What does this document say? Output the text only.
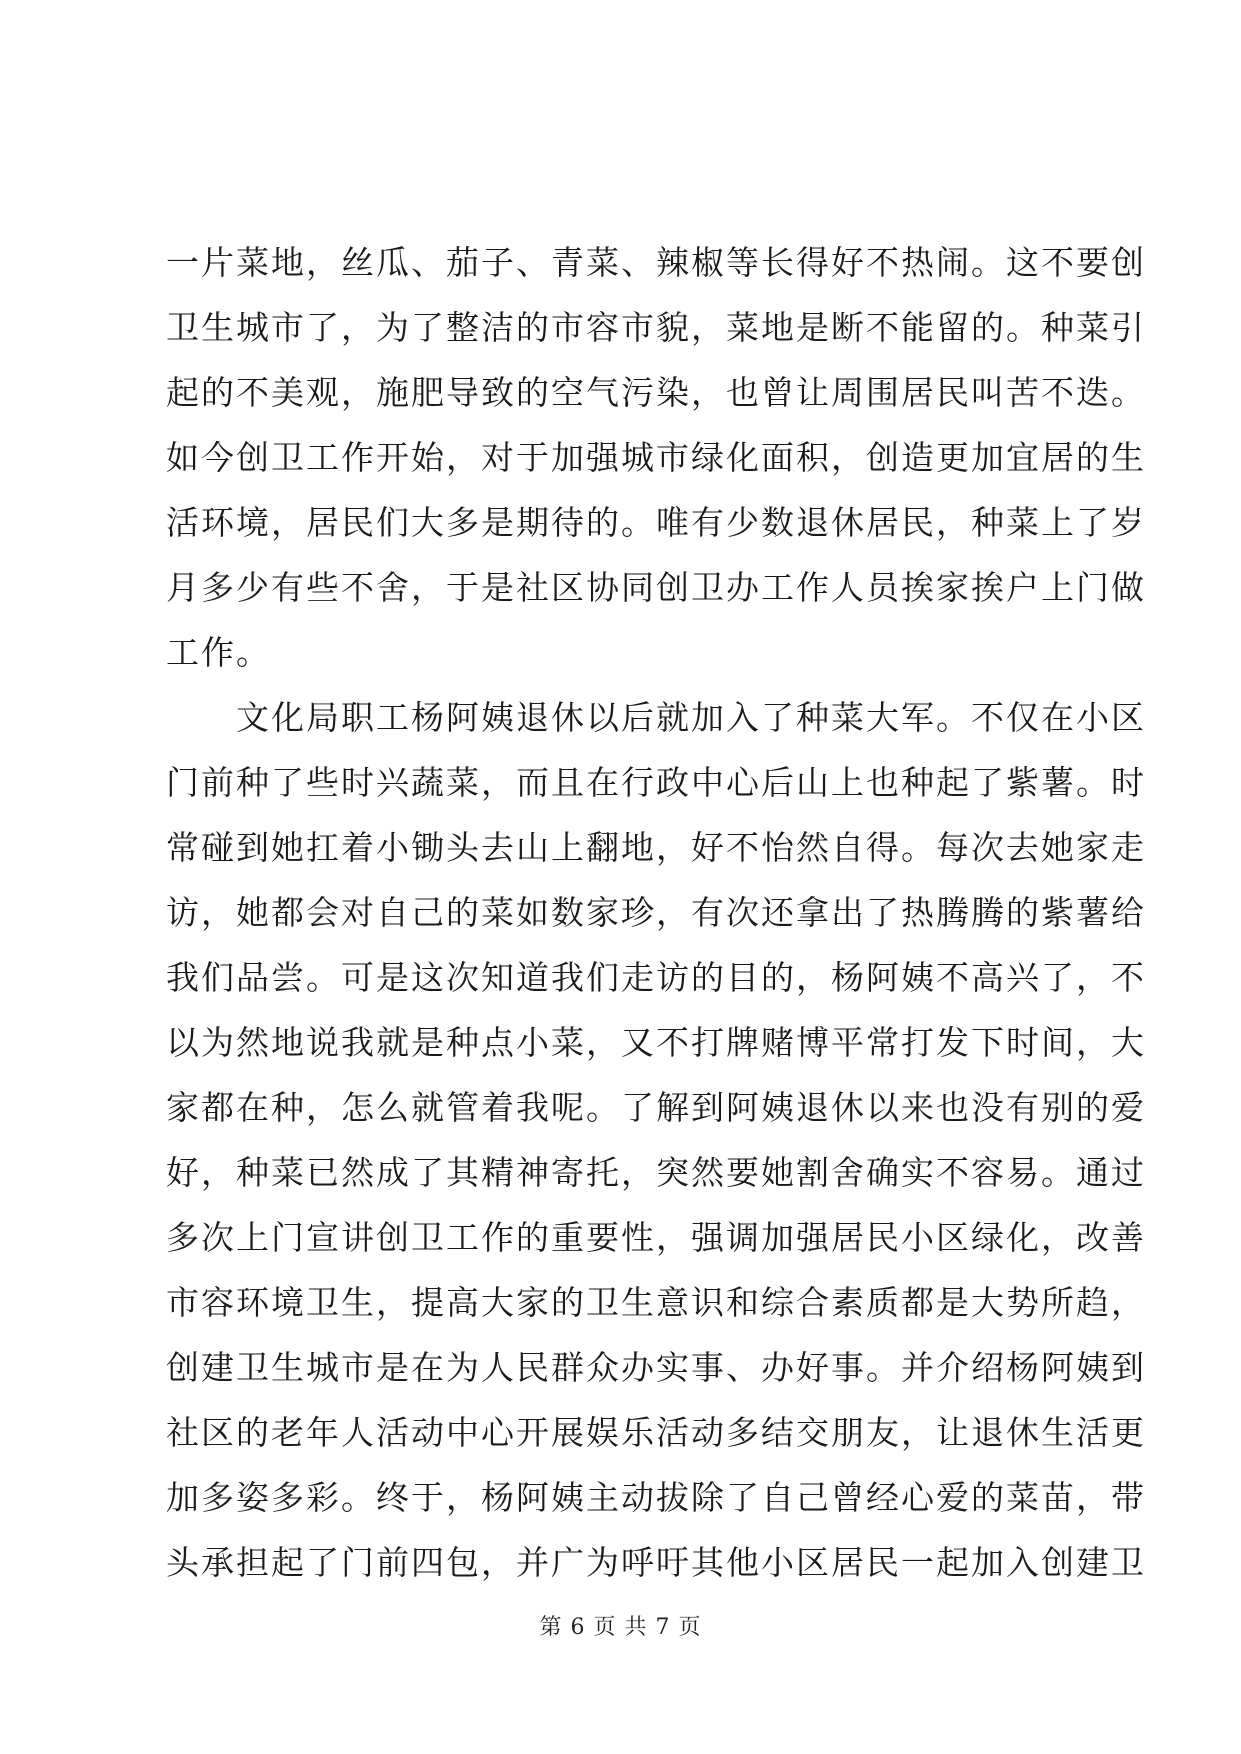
一片菜地，丝瓜、茄子、青菜、辣椒等长得好不热闹。这不要创
卫生城市了，为了整洁的市容市貌，菜地是断不能留的。种菜引
起的不美观，施肥导致的空气污染，也曾让周围居民叫苦不迭。
如今创卫工作开始，对于加强城市绿化面积，创造更加宜居的生
活环境，居民们大多是期待的。唯有少数退休居民，种菜上了岁
月多少有些不舍，于是社区协同创卫办工作人员挨家挨户上门做
工作。
文化局职工杨阿姨退休以后就加入了种菜大军。不仅在小区
门前种了些时兴蔬菜，而且在行政中心后山上也种起了紫薯。时
常碰到她扛着小锄头去山上翻地，好不怡然自得。每次去她家走
访，她都会对自己的菜如数家珍，有次还拿出了热腾腾的紫薯给
我们品尝。可是这次知道我们走访的目的，杨阿姨不高兴了，不
以为然地说我就是种点小菜，又不打牌赌博平常打发下时间，大
家都在种，怎么就管着我呢。了解到阿姨退休以来也没有别的爱
好，种菜已然成了其精神寄托，突然要她割舍确实不容易。通过
多次上门宣讲创卫工作的重要性，强调加强居民小区绿化，改善
市容环境卫生，提高大家的卫生意识和综合素质都是大势所趋，
创建卫生城市是在为人民群众办实事、办好事。并介绍杨阿姨到
社区的老年人活动中心开展娱乐活动多结交朋友，让退休生活更
加多姿多彩。终于，杨阿姨主动拔除了自己曾经心爱的菜苗，带
头承担起了门前四包，并广为呼吁其他小区居民一起加入创建卫
第 6 页 共 7 页
